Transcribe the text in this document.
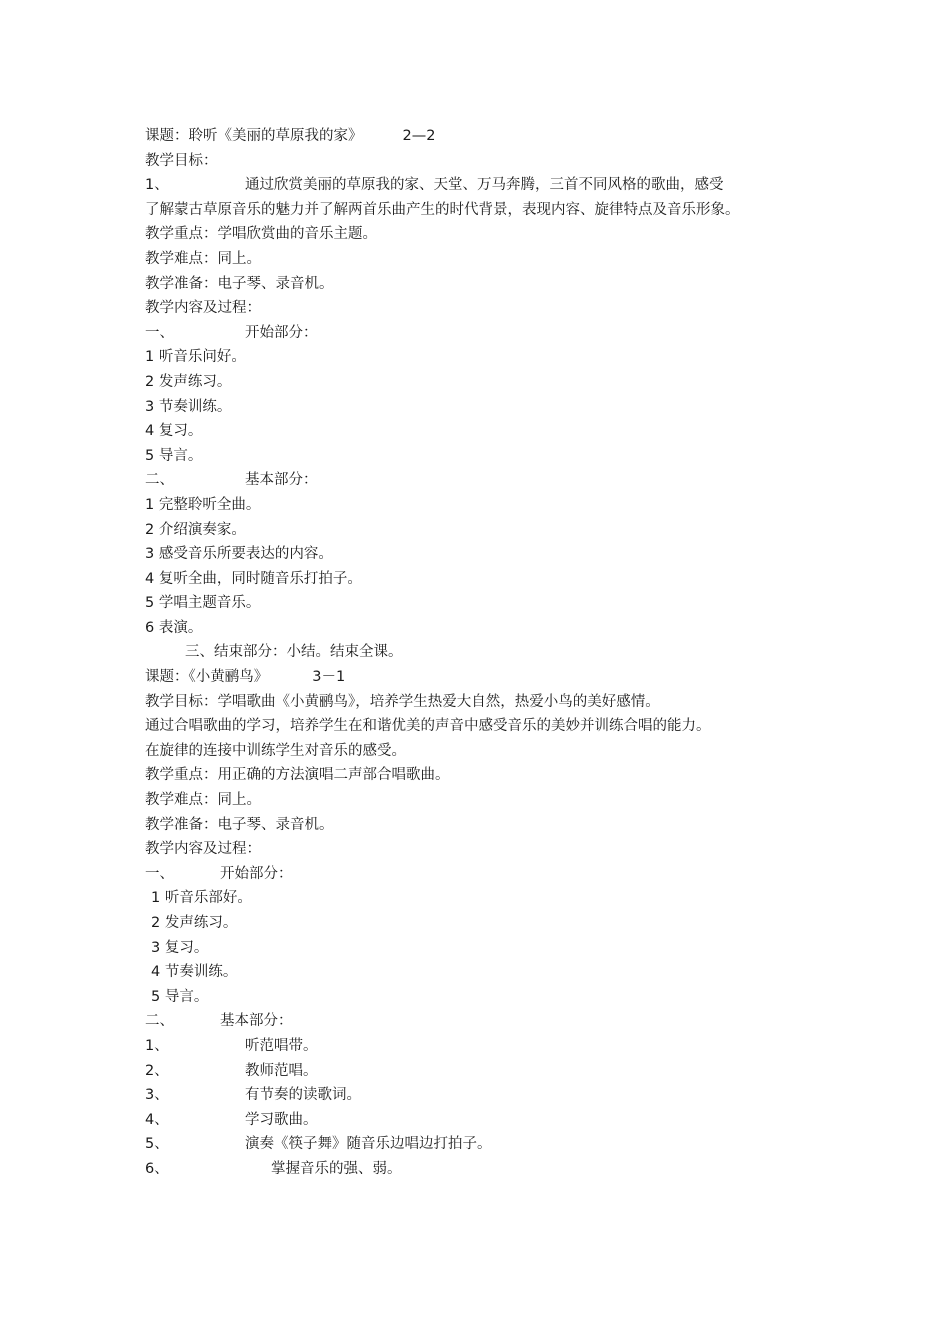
课题：聆听《美丽的草原我的家》	2—2
教学目标：
1、	通过欣赏美丽的草原我的家、天堂、万马奔腾，三首不同风格的歌曲，感受
了解蒙古草原音乐的魅力并了解两首乐曲产生的时代背景，表现内容、旋律特点及音乐形象。
教学重点：学唱欣赏曲的音乐主题。
教学难点：同上。
教学准备：电子琴、录音机。
教学内容及过程：
一、	开始部分：
1 听音乐问好。
2 发声练习。
3 节奏训练。
4 复习。
5 导言。
二、	基本部分：
1 完整聆听全曲。
2 介绍演奏家。
3 感受音乐所要表达的内容。
4 复听全曲，同时随音乐打拍子。
5 学唱主题音乐。
6 表演。
三、结束部分：小结。结束全课。
课题：《小黄鹂鸟》	3－1
教学目标：学唱歌曲《小黄鹂鸟》，培养学生热爱大自然，热爱小鸟的美好感情。
通过合唱歌曲的学习，培养学生在和谐优美的声音中感受音乐的美妙并训练合唱的能力。
在旋律的连接中训练学生对音乐的感受。
教学重点：用正确的方法演唱二声部合唱歌曲。
教学难点：同上。
教学准备：电子琴、录音机。
教学内容及过程：
一、	开始部分：
1 听音乐部好。
2 发声练习。
3 复习。
4 节奏训练。
5 导言。
二、	基本部分：
1、	听范唱带。
2、	教师范唱。
3、	有节奏的读歌词。
4、	学习歌曲。
5、	演奏《筷子舞》随音乐边唱边打拍子。
6、	掌握音乐的强、弱。
